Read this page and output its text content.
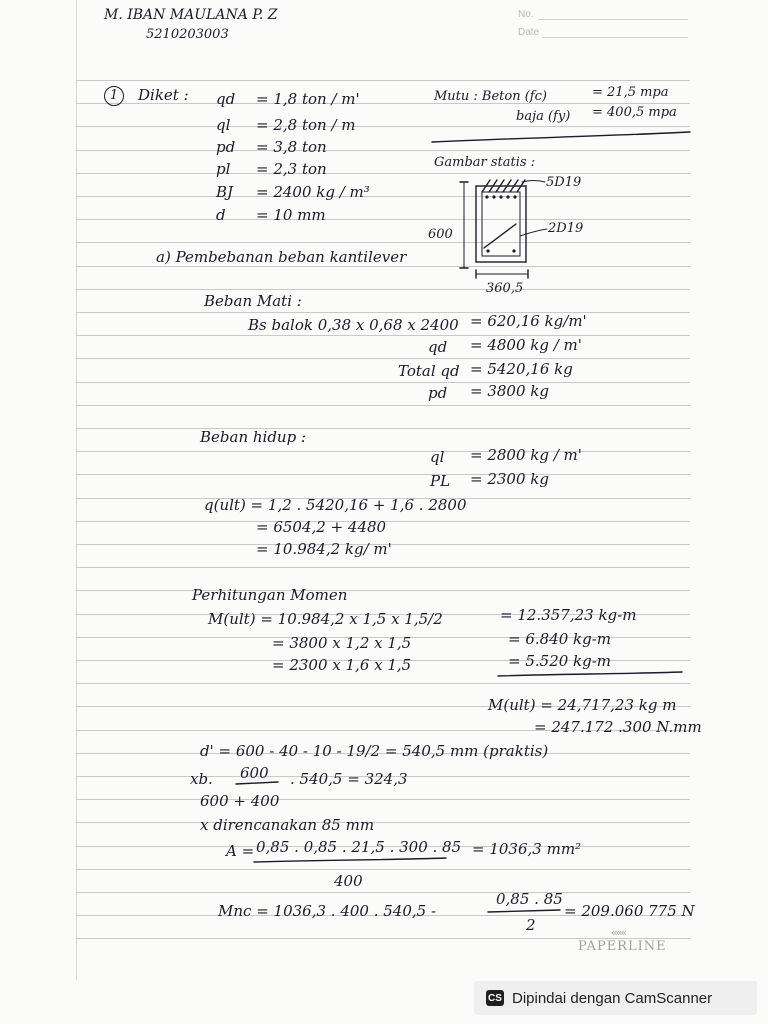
M. IBAN MAULANA P. Z
5210203003
No.
Date
1	Diket : qd = 1,8 ton / m'
ql = 2,8 ton / m
pd = 3,8 ton
pl = 2,3 ton
BJ = 2400 kg / m³
d = 10 mm
Mutu : Beton (fc)	= 21,5 mpa
baja (fy) = 400,5 mpa
Gambar statis :
5D19
2D19
600
360,5
a) Pembebanan beban kantilever
Beban Mati :
Bs balok 0,38 x 0,68 x 2400 = 620,16 kg/m'
qd = 4800 kg / m'
Total qd = 5420,16 kg
pd = 3800 kg
Beban hidup :
ql = 2800 kg / m'
PL = 2300 kg
q(ult) = 1,2 . 5420,16 + 1,6 . 2800
= 6504,2 + 4480
= 10.984,2 kg/ m'
Perhitungan Momen
M(ult) = 10.984,2 x 1,5 x 1,5/2	= 12.357,23 kg-m
= 3800 x 1,2 x 1,5	= 6.840 kg-m
= 2300 x 1,6 x 1,5	= 5.520 kg-m
M(ult) = 24,717,23 kg m
= 247.172 .300 N.mm
d' = 600 - 40 - 10 - 19/2 = 540,5 mm (praktis)
xb. 600 . 540,5 = 324,3
600 + 400
x direncanakan 85 mm
A = 0,85 . 0,85 . 21,5 . 300 . 85
400
= 1036,3 mm²
Mnc = 1036,3 . 400 . 540,5 -
0,85 . 85
2
= 209.060 775 N
«««
PAPERLINE
CS Dipindai dengan CamScanner
